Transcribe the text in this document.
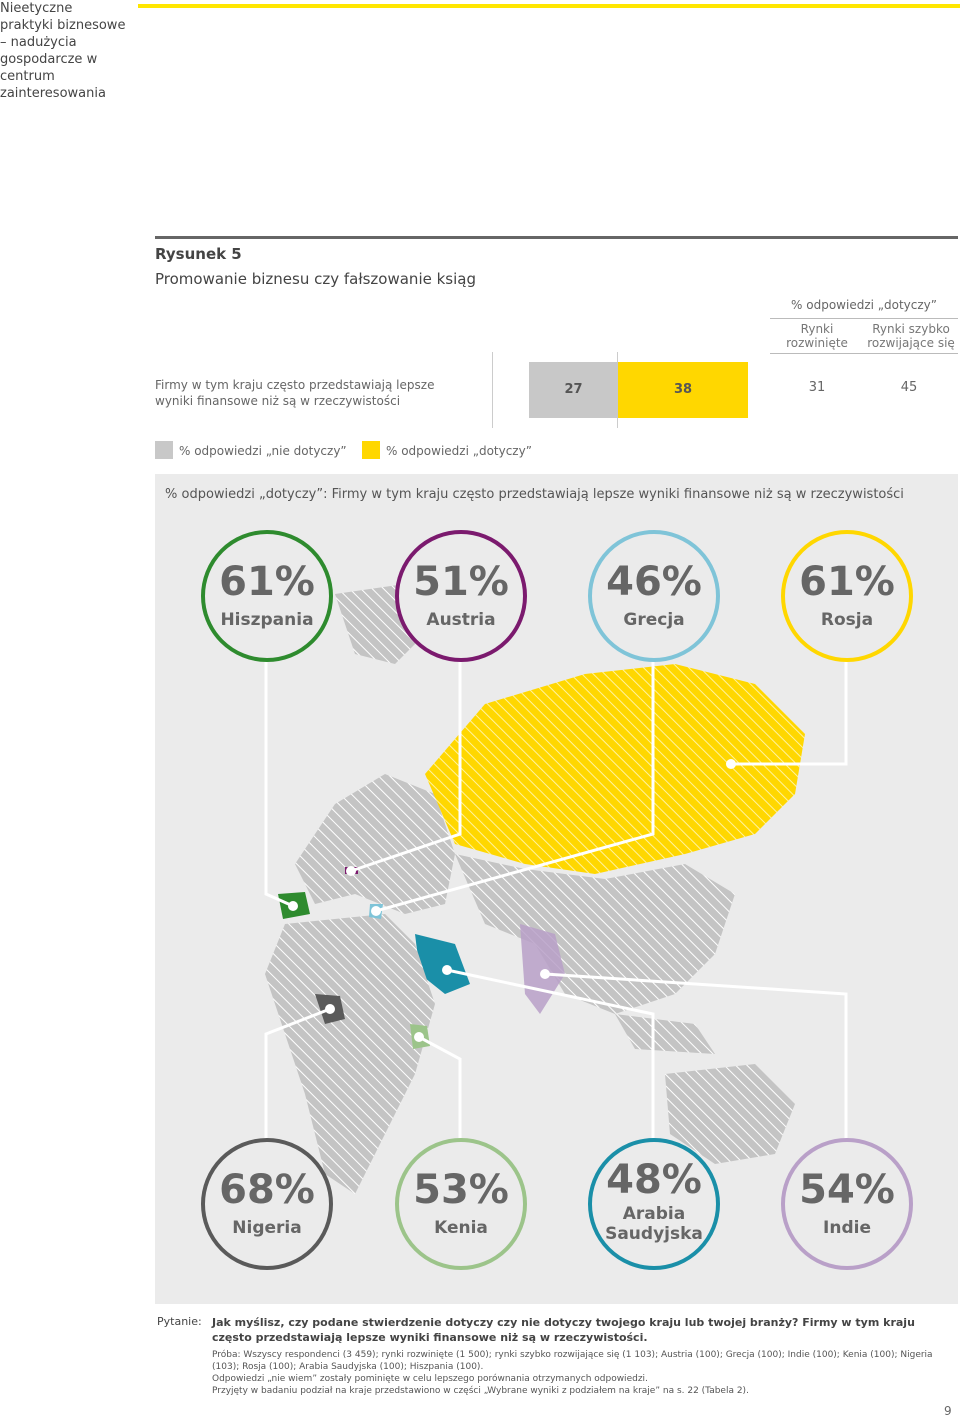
Nieetyczne praktyki biznesowe – nadużycia gospodarcze w centrum zainteresowania
Rysunek 5
Promowanie biznesu czy fałszowanie ksiąg
% odpowiedzi „dotyczy”
Rynki rozwinięte
Rynki szybko rozwijające się
Firmy w tym kraju często przedstawiają lepsze wyniki finansowe niż są w rzeczywistości
27	38	31	45
% odpowiedzi „nie dotyczy”	% odpowiedzi „dotyczy”
% odpowiedzi „dotyczy”: Firmy w tym kraju często przedstawiają lepsze wyniki finansowe niż są w rzeczywistości
61%
Hiszpania
51%
Austria
46%
Grecja
61%
Rosja
68%
Nigeria
53%
Kenia
48%
Arabia
Saudyjska
54%
Indie
Pytanie: Jak myślisz, czy podane stwierdzenie dotyczy czy nie dotyczy twojego kraju lub twojej branży? Firmy w tym kraju często przedstawiają lepsze wyniki finansowe niż są w rzeczywistości.
Próba: Wszyscy respondenci (3 459); rynki rozwinięte (1 500); rynki szybko rozwijające się (1 103); Austria (100); Grecja (100); Indie (100); Kenia (100); Nigeria (103); Rosja (100); Arabia Saudyjska (100); Hiszpania (100).
Odpowiedzi „nie wiem” zostały pominięte w celu lepszego porównania otrzymanych odpowiedzi.
Przyjęty w badaniu podział na kraje przedstawiono w części „Wybrane wyniki z podziałem na kraje” na s. 22 (Tabela 2).
9
